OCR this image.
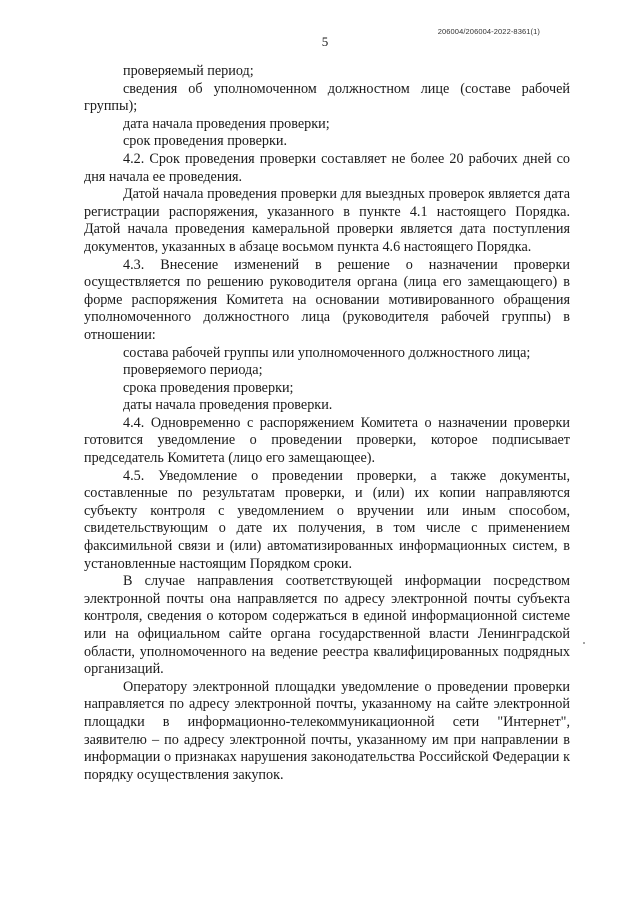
5
206004/206004-2022-8361(1)

проверяемый период;

сведения об уполномоченном должностном лице (составе рабочей группы);

дата начала проведения проверки;

срок проведения проверки.

4.2. Срок проведения проверки составляет не более 20 рабочих дней со дня начала ее проведения.

Датой начала проведения проверки для выездных проверок является дата регистрации распоряжения, указанного в пункте 4.1 настоящего Порядка. Датой начала проведения камеральной проверки является дата поступления документов, указанных в абзаце восьмом пункта 4.6 настоящего Порядка.

4.3. Внесение изменений в решение о назначении проверки осуществляется по решению руководителя органа (лица его замещающего) в форме распоряжения Комитета на основании мотивированного обращения уполномоченного должностного лица (руководителя рабочей группы) в отношении:

состава рабочей группы или уполномоченного должностного лица;

проверяемого периода;

срока проведения проверки;

даты начала проведения проверки.

4.4. Одновременно с распоряжением Комитета о назначении проверки готовится уведомление о проведении проверки, которое подписывает председатель Комитета (лицо его замещающее).

4.5. Уведомление о проведении проверки, а также документы, составленные по результатам проверки, и (или) их копии направляются субъекту контроля с уведомлением о вручении или иным способом, свидетельствующим о дате их получения, в том числе с применением факсимильной связи и (или) автоматизированных информационных систем, в установленные настоящим Порядком сроки.

В случае направления соответствующей информации посредством электронной почты она направляется по адресу электронной почты субъекта контроля, сведения о котором содержаться в единой информационной системе или на официальном сайте органа государственной власти Ленинградской области, уполномоченного на ведение реестра квалифицированных подрядных организаций.

Оператору электронной площадки уведомление о проведении проверки направляется по адресу электронной почты, указанному на сайте электронной площадки в информационно-телекоммуникационной сети "Интернет", заявителю – по адресу электронной почты, указанному им при направлении в информации о признаках нарушения законодательства Российской Федерации к порядку осуществления закупок.
